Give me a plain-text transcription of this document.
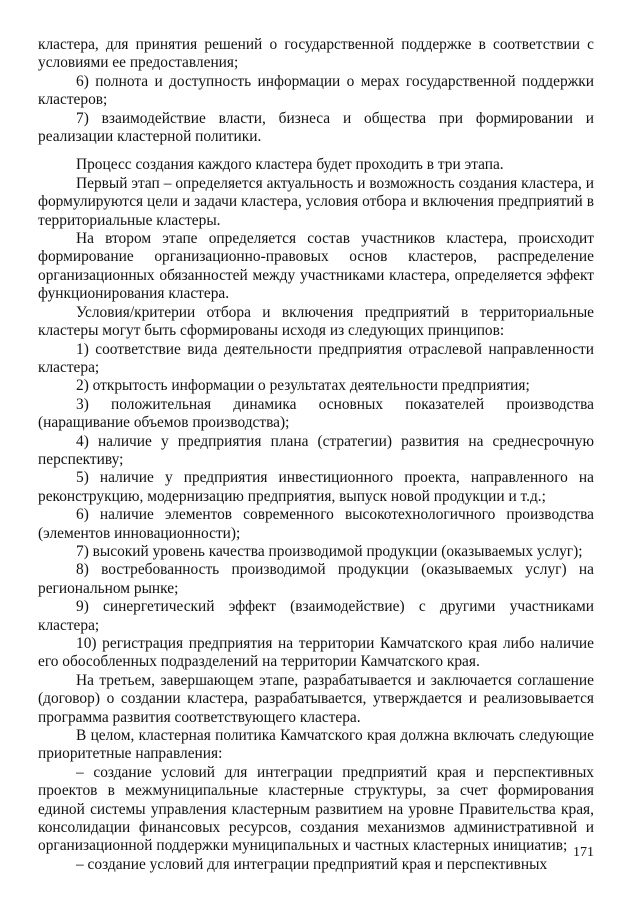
кластера, для принятия решений о государственной поддержке в соответствии с условиями ее предоставления;

6) полнота и доступность информации о мерах государственной поддержки кластеров;

7) взаимодействие власти, бизнеса и общества при формировании и реализации кластерной политики.

Процесс создания каждого кластера будет проходить в три этапа.

Первый этап – определяется актуальность и возможность создания кластера, и формулируются цели и задачи кластера, условия отбора и включения предприятий в территориальные кластеры.

На втором этапе определяется состав участников кластера, происходит формирование организационно-правовых основ кластеров, распределение организационных обязанностей между участниками кластера, определяется эффект функционирования кластера.

Условия/критерии отбора и включения предприятий в территориальные кластеры могут быть сформированы исходя из следующих принципов:

1) соответствие вида деятельности предприятия отраслевой направленности кластера;

2) открытость информации о результатах деятельности предприятия;

3) положительная динамика основных показателей производства (наращивание объемов производства);

4) наличие у предприятия плана (стратегии) развития на среднесрочную перспективу;

5) наличие у предприятия инвестиционного проекта, направленного на реконструкцию, модернизацию предприятия, выпуск новой продукции и т.д.;

6) наличие элементов современного высокотехнологичного производства (элементов инновационности);

7) высокий уровень качества производимой продукции (оказываемых услуг);

8) востребованность производимой продукции (оказываемых услуг) на региональном рынке;

9) синергетический эффект (взаимодействие) с другими участниками кластера;

10) регистрация предприятия на территории Камчатского края либо наличие его обособленных подразделений на территории Камчатского края.

На третьем, завершающем этапе, разрабатывается и заключается соглашение (договор) о создании кластера, разрабатывается, утверждается и реализовывается программа развития соответствующего кластера.

В целом, кластерная политика Камчатского края должна включать следующие приоритетные направления:

– создание условий для интеграции предприятий края и перспективных проектов в межмуниципальные кластерные структуры, за счет формирования единой системы управления кластерным развитием на уровне Правительства края, консолидации финансовых ресурсов, создания механизмов административной и организационной поддержки муниципальных и частных кластерных инициатив;

– создание условий для интеграции предприятий края и перспективных

171
